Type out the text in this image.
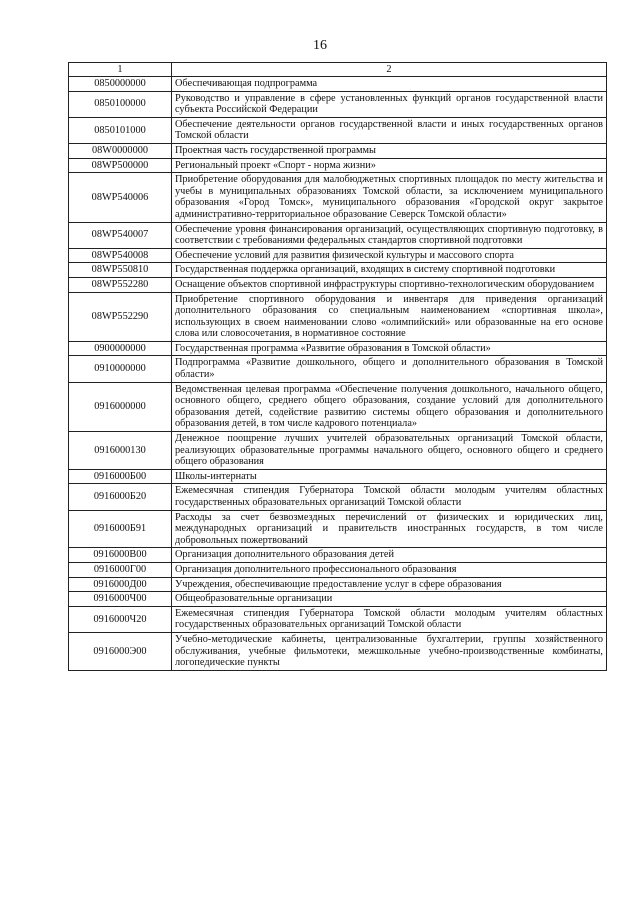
16
1	2
0850000000	Обеспечивающая подпрограмма
0850100000	Руководство и управление в сфере установленных функций органов государственной власти субъекта Российской Федерации
0850101000	Обеспечение деятельности органов государственной власти и иных государственных органов Томской области
08W0000000	Проектная часть государственной программы
08WP500000	Региональный проект «Спорт - норма жизни»
08WP540006	Приобретение оборудования для малобюджетных спортивных площадок по месту жительства и учебы в муниципальных образованиях Томской области, за исключением муниципального образования «Город Томск», муниципального образования «Городской округ закрытое административно-территориальное образование Северск Томской области»
08WP540007	Обеспечение уровня финансирования организаций, осуществляющих спортивную подготовку, в соответствии с требованиями федеральных стандартов спортивной подготовки
08WP540008	Обеспечение условий для развития физической культуры и массового спорта
08WP550810	Государственная поддержка организаций, входящих в систему спортивной подготовки
08WP552280	Оснащение объектов спортивной инфраструктуры спортивно-технологическим оборудованием
08WP552290	Приобретение спортивного оборудования и инвентаря для приведения организаций дополнительного образования со специальным наименованием «спортивная школа», использующих в своем наименовании слово «олимпийский» или образованные на его основе слова или словосочетания, в нормативное состояние
0900000000	Государственная программа «Развитие образования в Томской области»
0910000000	Подпрограмма «Развитие дошкольного, общего и дополнительного образования в Томской области»
0916000000	Ведомственная целевая программа «Обеспечение получения дошкольного, начального общего, основного общего, среднего общего образования, создание условий для дополнительного образования детей, содействие развитию системы общего образования и дополнительного образования детей, в том числе кадрового потенциала»
0916000130	Денежное поощрение лучших учителей образовательных организаций Томской области, реализующих образовательные программы начального общего, основного общего и среднего общего образования
0916000Б00	Школы-интернаты
0916000Б20	Ежемесячная стипендия Губернатора Томской области молодым учителям областных государственных образовательных организаций Томской области
0916000Б91	Расходы за счет безвозмездных перечислений от физических и юридических лиц, международных организаций и правительств иностранных государств, в том числе добровольных пожертвований
0916000В00	Организация дополнительного образования детей
0916000Г00	Организация дополнительного профессионального образования
0916000Д00	Учреждения, обеспечивающие предоставление услуг в сфере образования
0916000Ч00	Общеобразовательные организации
0916000Ч20	Ежемесячная стипендия Губернатора Томской области молодым учителям областных государственных образовательных организаций Томской области
0916000Э00	Учебно-методические кабинеты, централизованные бухгалтерии, группы хозяйственного обслуживания, учебные фильмотеки, межшкольные учебно-производственные комбинаты, логопедические пункты
